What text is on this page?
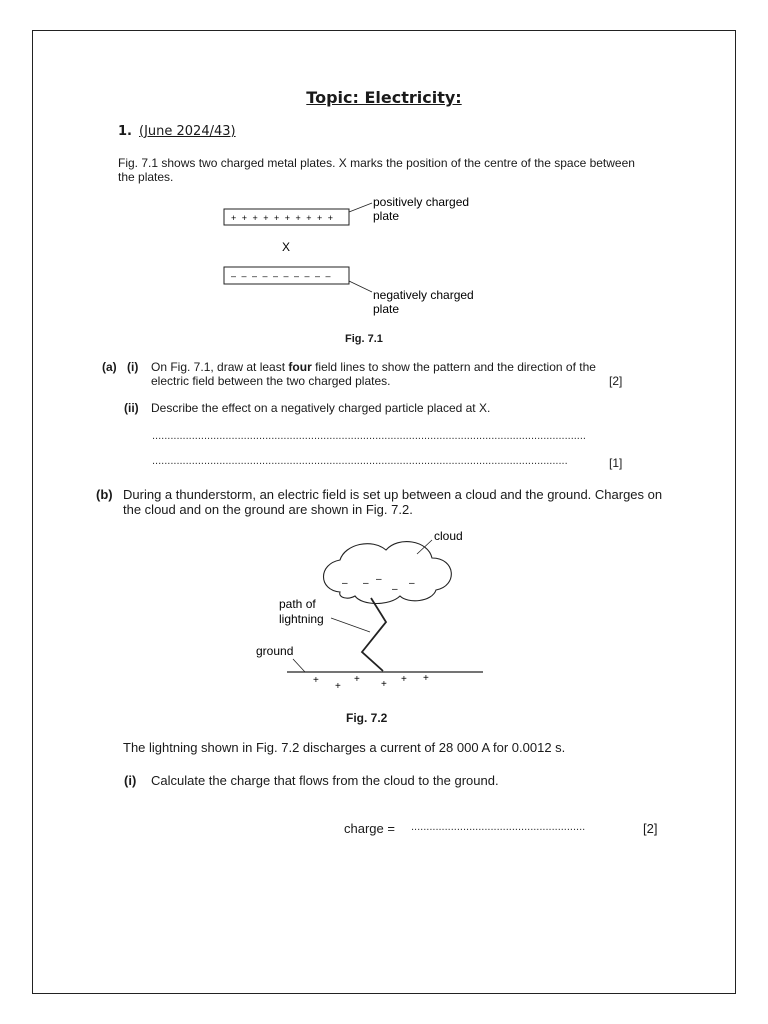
Topic: Electricity:
1. (June 2024/43)
Fig. 7.1 shows two charged metal plates. X marks the position of the centre of the space between
the plates.
+ + + + + + + + + +
positively charged
plate
X
– – – – – – – – – –
negatively charged
plate
Fig. 7.1
(a) (i) On Fig. 7.1, draw at least four field lines to show the pattern and the direction of the
electric field between the two charged plates.	[2]
(ii) Describe the effect on a negatively charged particle placed at X.
..............................................................................................................................................
........................................................................................................................................	[1]
(b) During a thunderstorm, an electric field is set up between a cloud and the ground. Charges on
the cloud and on the ground are shown in Fig. 7.2.
cloud
– – –
–
–
path of
lightning
ground
+
+
+ + + +
Fig. 7.2
The lightning shown in Fig. 7.2 discharges a current of 28 000 A for 0.0012 s.
(i) Calculate the charge that flows from the cloud to the ground.
charge = .........................................................	[2]
